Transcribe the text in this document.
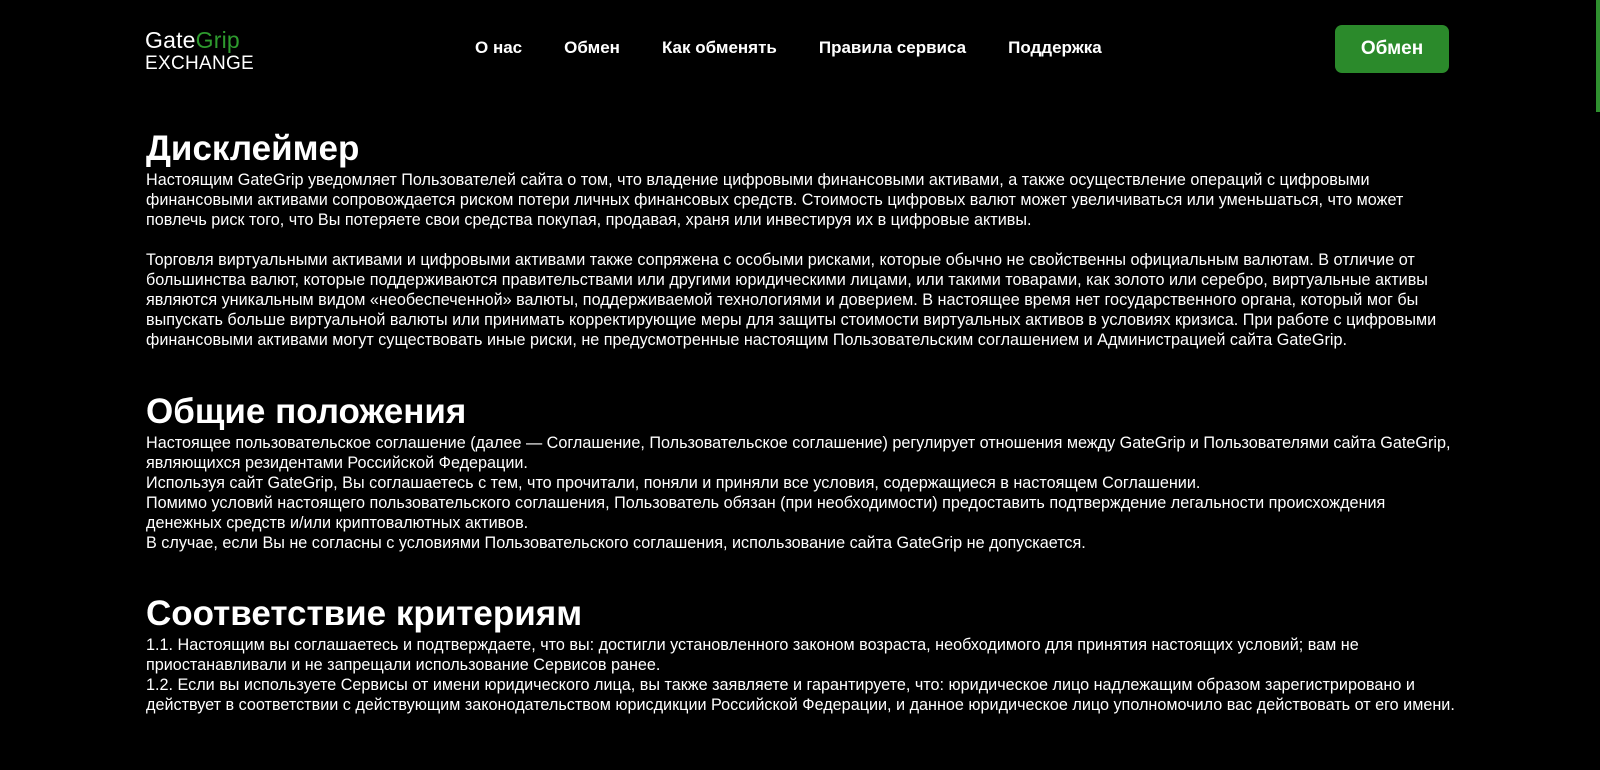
GateGrip
EXCHANGE
О нас Обмен Как обменять Правила сервиса Поддержка	Обмен
Дисклеймер

Настоящим GateGrip уведомляет Пользователей сайта о том, что владение цифровыми финансовыми активами, а также осуществление операций с цифровыми финансовыми активами сопровождается риском потери личных финансовых средств. Стоимость цифровых валют может увеличиваться или уменьшаться, что может повлечь риск того, что Вы потеряете свои средства покупая, продавая, храня или инвестируя их в цифровые активы.

Торговля виртуальными активами и цифровыми активами также сопряжена с особыми рисками, которые обычно не свойственны официальным валютам. В отличие от большинства валют, которые поддерживаются правительствами или другими юридическими лицами, или такими товарами, как золото или серебро, виртуальные активы являются уникальным видом «необеспеченной» валюты, поддерживаемой технологиями и доверием. В настоящее время нет государственного органа, который мог бы выпускать больше виртуальной валюты или принимать корректирующие меры для защиты стоимости виртуальных активов в условиях кризиса. При работе с цифровыми финансовыми активами могут существовать иные риски, не предусмотренные настоящим Пользовательским соглашением и Администрацией сайта GateGrip.

Общие положения

Настоящее пользовательское соглашение (далее — Соглашение, Пользовательское соглашение) регулирует отношения между GateGrip и Пользователями сайта GateGrip, являющихся резидентами Российской Федерации.

Используя сайт GateGrip, Вы соглашаетесь с тем, что прочитали, поняли и приняли все условия, содержащиеся в настоящем Соглашении.

Помимо условий настоящего пользовательского соглашения, Пользователь обязан (при необходимости) предоставить подтверждение легальности происхождения денежных средств и/или криптовалютных активов.

В случае, если Вы не согласны с условиями Пользовательского соглашения, использование сайта GateGrip не допускается.

Соответствие критериям

1.1. Настоящим вы соглашаетесь и подтверждаете, что вы: достигли установленного законом возраста, необходимого для принятия настоящих условий; вам не приостанавливали и не запрещали использование Сервисов ранее.

1.2. Если вы используете Сервисы от имени юридического лица, вы также заявляете и гарантируете, что: юридическое лицо надлежащим образом зарегистрировано и действует в соответствии с действующим законодательством юрисдикции Российской Федерации, и данное юридическое лицо уполномочило вас действовать от его имени.
